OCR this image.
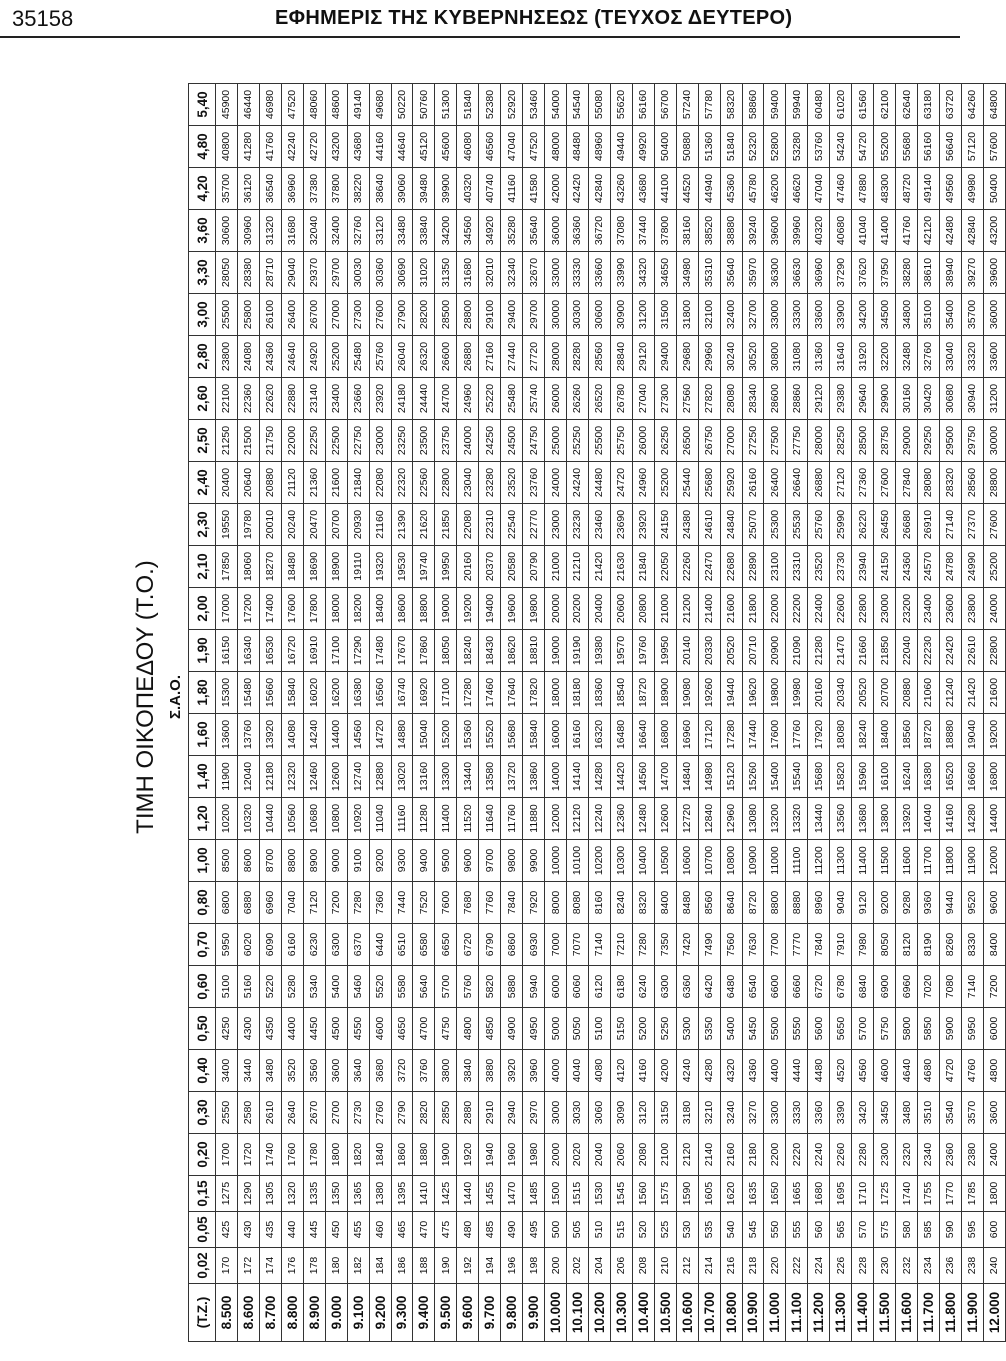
35158	ΕΦΗΜΕΡΙΣ ΤΗΣ ΚΥΒΕΡΝΗΣΕΩΣ (ΤΕΥΧΟΣ ΔΕΥΤΕΡΟ)
ΤΙΜΗ ΟΙΚΟΠΕΔΟΥ (Τ.Ο.) Σ.Α.Ο.
(Τ.Ζ.)	0,02	0,05	0,15	0,20	0,30	0,40	0,50	0,60	0,70	0,80	1,00	1,20	1,40	1,60	1,80	1,90	2,00	2,10	2,30	2,40	2,50	2,60	2,80	3,00	3,30	3,60	4,20	4,80	5,40
8.500	170	425	1275	1700	2550	3400	4250	5100	5950	6800	8500	10200	11900	13600	15300	16150	17000	17850	19550	20400	21250	22100	23800	25500	28050	30600	35700	40800	45900
8.600	172	430	1290	1720	2580	3440	4300	5160	6020	6880	8600	10320	12040	13760	15480	16340	17200	18060	19780	20640	21500	22360	24080	25800	28380	30960	36120	41280	46440
8.700	174	435	1305	1740	2610	3480	4350	5220	6090	6960	8700	10440	12180	13920	15660	16530	17400	18270	20010	20880	21750	22620	24360	26100	28710	31320	36540	41760	46980
8.800	176	440	1320	1760	2640	3520	4400	5280	6160	7040	8800	10560	12320	14080	15840	16720	17600	18480	20240	21120	22000	22880	24640	26400	29040	31680	36960	42240	47520
8.900	178	445	1335	1780	2670	3560	4450	5340	6230	7120	8900	10680	12460	14240	16020	16910	17800	18690	20470	21360	22250	23140	24920	26700	29370	32040	37380	42720	48060
9.000	180	450	1350	1800	2700	3600	4500	5400	6300	7200	9000	10800	12600	14400	16200	17100	18000	18900	20700	21600	22500	23400	25200	27000	29700	32400	37800	43200	48600
9.100	182	455	1365	1820	2730	3640	4550	5460	6370	7280	9100	10920	12740	14560	16380	17290	18200	19110	20930	21840	22750	23660	25480	27300	30030	32760	38220	43680	49140
9.200	184	460	1380	1840	2760	3680	4600	5520	6440	7360	9200	11040	12880	14720	16560	17480	18400	19320	21160	22080	23000	23920	25760	27600	30360	33120	38640	44160	49680
9.300	186	465	1395	1860	2790	3720	4650	5580	6510	7440	9300	11160	13020	14880	16740	17670	18600	19530	21390	22320	23250	24180	26040	27900	30690	33480	39060	44640	50220
9.400	188	470	1410	1880	2820	3760	4700	5640	6580	7520	9400	11280	13160	15040	16920	17860	18800	19740	21620	22560	23500	24440	26320	28200	31020	33840	39480	45120	50760
9.500	190	475	1425	1900	2850	3800	4750	5700	6650	7600	9500	11400	13300	15200	17100	18050	19000	19950	21850	22800	23750	24700	26600	28500	31350	34200	39900	45600	51300
9.600	192	480	1440	1920	2880	3840	4800	5760	6720	7680	9600	11520	13440	15360	17280	18240	19200	20160	22080	23040	24000	24960	26880	28800	31680	34560	40320	46080	51840
9.700	194	485	1455	1940	2910	3880	4850	5820	6790	7760	9700	11640	13580	15520	17460	18430	19400	20370	22310	23280	24250	25220	27160	29100	32010	34920	40740	46560	52380
9.800	196	490	1470	1960	2940	3920	4900	5880	6860	7840	9800	11760	13720	15680	17640	18620	19600	20580	22540	23520	24500	25480	27440	29400	32340	35280	41160	47040	52920
9.900	198	495	1485	1980	2970	3960	4950	5940	6930	7920	9900	11880	13860	15840	17820	18810	19800	20790	22770	23760	24750	25740	27720	29700	32670	35640	41580	47520	53460
10.000	200	500	1500	2000	3000	4000	5000	6000	7000	8000	10000	12000	14000	16000	18000	19000	20000	21000	23000	24000	25000	26000	28000	30000	33000	36000	42000	48000	54000
10.100	202	505	1515	2020	3030	4040	5050	6060	7070	8080	10100	12120	14140	16160	18180	19190	20200	21210	23230	24240	25250	26260	28280	30300	33330	36360	42420	48480	54540
10.200	204	510	1530	2040	3060	4080	5100	6120	7140	8160	10200	12240	14280	16320	18360	19380	20400	21420	23460	24480	25500	26520	28560	30600	33660	36720	42840	48960	55080
10.300	206	515	1545	2060	3090	4120	5150	6180	7210	8240	10300	12360	14420	16480	18540	19570	20600	21630	23690	24720	25750	26780	28840	30900	33990	37080	43260	49440	55620
10.400	208	520	1560	2080	3120	4160	5200	6240	7280	8320	10400	12480	14560	16640	18720	19760	20800	21840	23920	24960	26000	27040	29120	31200	34320	37440	43680	49920	56160
10.500	210	525	1575	2100	3150	4200	5250	6300	7350	8400	10500	12600	14700	16800	18900	19950	21000	22050	24150	25200	26250	27300	29400	31500	34650	37800	44100	50400	56700
10.600	212	530	1590	2120	3180	4240	5300	6360	7420	8480	10600	12720	14840	16960	19080	20140	21200	22260	24380	25440	26500	27560	29680	31800	34980	38160	44520	50880	57240
10.700	214	535	1605	2140	3210	4280	5350	6420	7490	8560	10700	12840	14980	17120	19260	20330	21400	22470	24610	25680	26750	27820	29960	32100	35310	38520	44940	51360	57780
10.800	216	540	1620	2160	3240	4320	5400	6480	7560	8640	10800	12960	15120	17280	19440	20520	21600	22680	24840	25920	27000	28080	30240	32400	35640	38880	45360	51840	58320
10.900	218	545	1635	2180	3270	4360	5450	6540	7630	8720	10900	13080	15260	17440	19620	20710	21800	22890	25070	26160	27250	28340	30520	32700	35970	39240	45780	52320	58860
11.000	220	550	1650	2200	3300	4400	5500	6600	7700	8800	11000	13200	15400	17600	19800	20900	22000	23100	25300	26400	27500	28600	30800	33000	36300	39600	46200	52800	59400
11.100	222	555	1665	2220	3330	4440	5550	6660	7770	8880	11100	13320	15540	17760	19980	21090	22200	23310	25530	26640	27750	28860	31080	33300	36630	39960	46620	53280	59940
11.200	224	560	1680	2240	3360	4480	5600	6720	7840	8960	11200	13440	15680	17920	20160	21280	22400	23520	25760	26880	28000	29120	31360	33600	36960	40320	47040	53760	60480
11.300	226	565	1695	2260	3390	4520	5650	6780	7910	9040	11300	13560	15820	18080	20340	21470	22600	23730	25990	27120	28250	29380	31640	33900	37290	40680	47460	54240	61020
11.400	228	570	1710	2280	3420	4560	5700	6840	7980	9120	11400	13680	15960	18240	20520	21660	22800	23940	26220	27360	28500	29640	31920	34200	37620	41040	47880	54720	61560
11.500	230	575	1725	2300	3450	4600	5750	6900	8050	9200	11500	13800	16100	18400	20700	21850	23000	24150	26450	27600	28750	29900	32200	34500	37950	41400	48300	55200	62100
11.600	232	580	1740	2320	3480	4640	5800	6960	8120	9280	11600	13920	16240	18560	20880	22040	23200	24360	26680	27840	29000	30160	32480	34800	38280	41760	48720	55680	62640
11.700	234	585	1755	2340	3510	4680	5850	7020	8190	9360	11700	14040	16380	18720	21060	22230	23400	24570	26910	28080	29250	30420	32760	35100	38610	42120	49140	56160	63180
11.800	236	590	1770	2360	3540	4720	5900	7080	8260	9440	11800	14160	16520	18880	21240	22420	23600	24780	27140	28320	29500	30680	33040	35400	38940	42480	49560	56640	63720
11.900	238	595	1785	2380	3570	4760	5950	7140	8330	9520	11900	14280	16660	19040	21420	22610	23800	24990	27370	28560	29750	30940	33320	35700	39270	42840	49980	57120	64260
12.000	240	600	1800	2400	3600	4800	6000	7200	8400	9600	12000	14400	16800	19200	21600	22800	24000	25200	27600	28800	30000	31200	33600	36000	39600	43200	50400	57600	64800
